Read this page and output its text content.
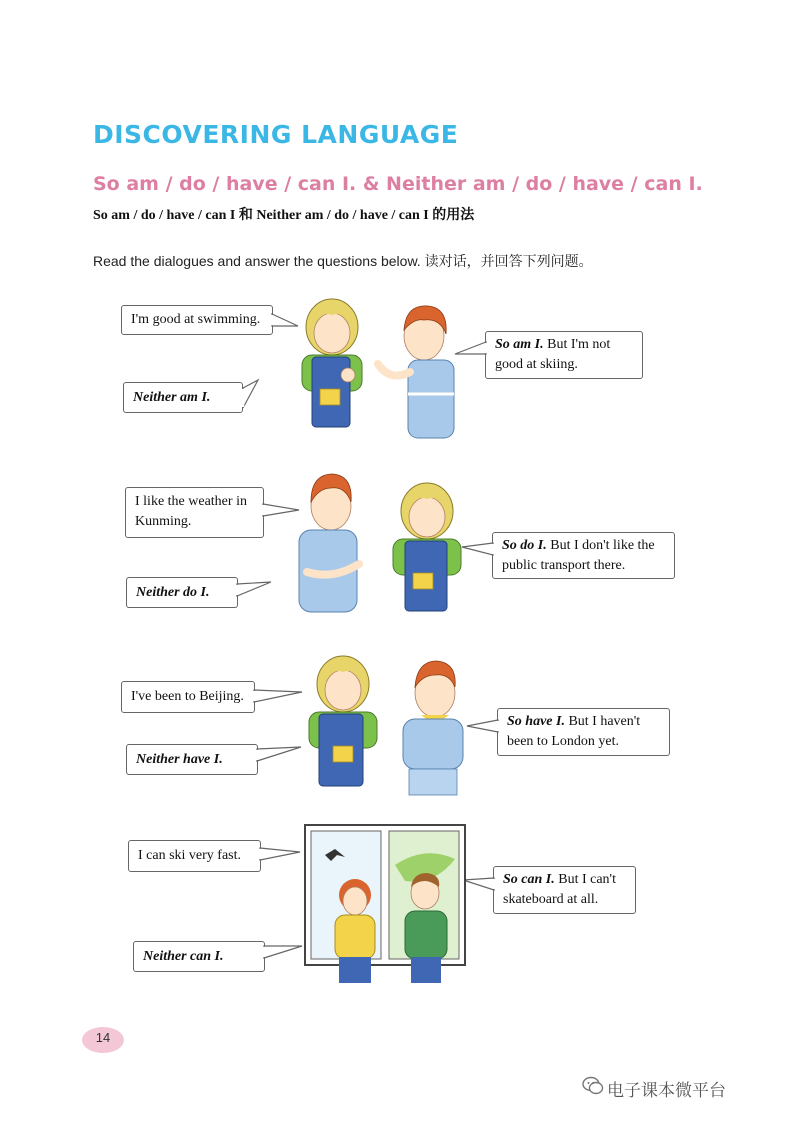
DISCOVERING LANGUAGE
So am / do / have / can I. & Neither am / do / have / can I.
So am / do / have / can I 和 Neither am / do / have / can I 的用法
Read the dialogues and answer the questions below. 读对话，并回答下列问题。
I'm good at swimming.
So am I. But I'm not good at skiing.
Neither am I.
I like the weather in Kunming.
So do I. But I don't like the public transport there.
Neither do I.
I've been to Beijing.
So have I. But I haven't been to London yet.
Neither have I.
I can ski very fast.
So can I. But I can't skateboard at all.
Neither can I.
14
电子课本微平台
